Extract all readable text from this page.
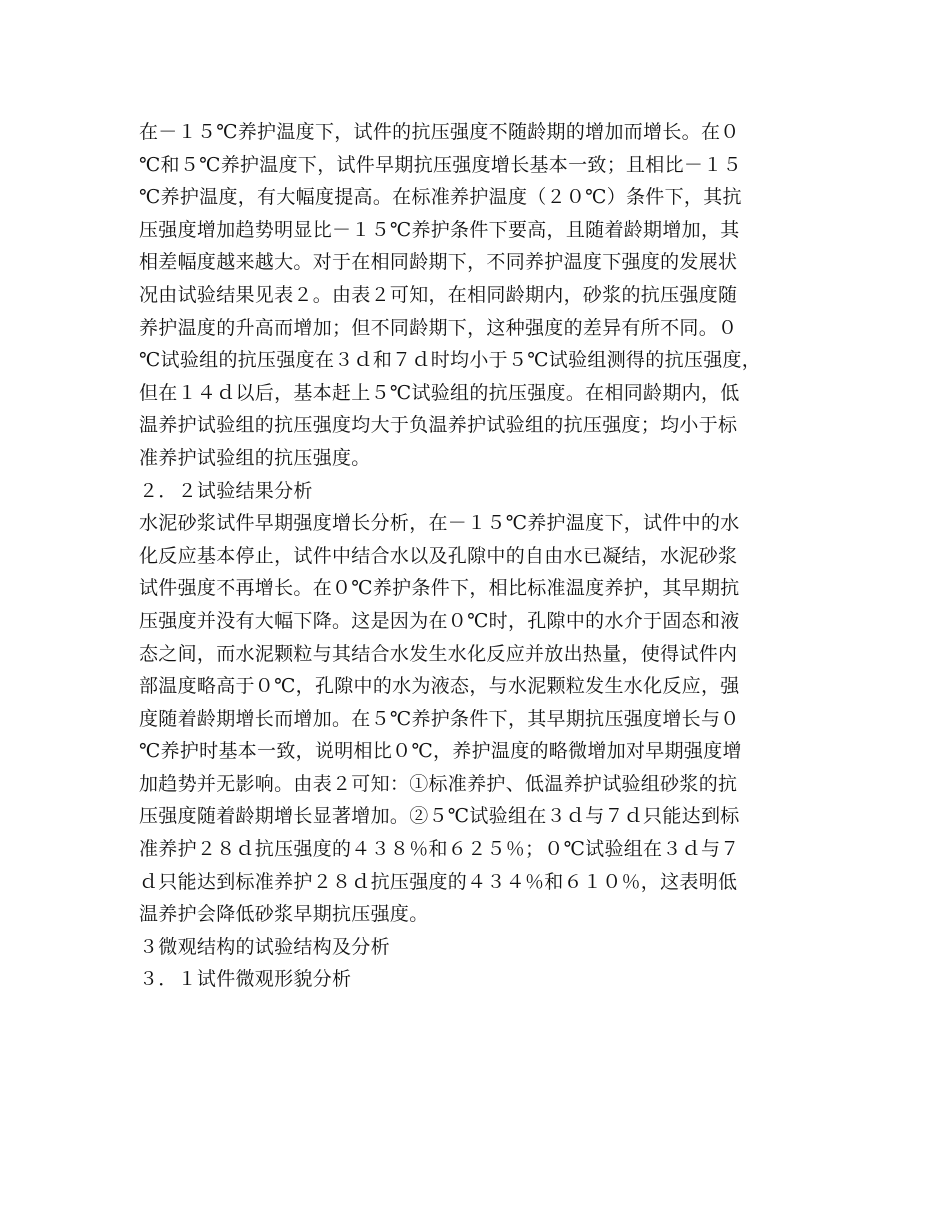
在－１５℃养护温度下，试件的抗压强度不随龄期的增加而增长。在０
℃和５℃养护温度下，试件早期抗压强度增长基本一致；且相比－１５
℃养护温度，有大幅度提高。在标准养护温度（２０℃）条件下，其抗
压强度增加趋势明显比－１５℃养护条件下要高，且随着龄期增加，其
相差幅度越来越大。对于在相同龄期下，不同养护温度下强度的发展状
况由试验结果见表２。由表２可知，在相同龄期内，砂浆的抗压强度随
养护温度的升高而增加；但不同龄期下，这种强度的差异有所不同。０
℃试验组的抗压强度在３ｄ和７ｄ时均小于５℃试验组测得的抗压强度，
但在１４ｄ以后，基本赶上５℃试验组的抗压强度。在相同龄期内，低
温养护试验组的抗压强度均大于负温养护试验组的抗压强度；均小于标
准养护试验组的抗压强度。
２．２试验结果分析
水泥砂浆试件早期强度增长分析，在－１５℃养护温度下，试件中的水
化反应基本停止，试件中结合水以及孔隙中的自由水已凝结，水泥砂浆
试件强度不再增长。在０℃养护条件下，相比标准温度养护，其早期抗
压强度并没有大幅下降。这是因为在０℃时，孔隙中的水介于固态和液
态之间，而水泥颗粒与其结合水发生水化反应并放出热量，使得试件内
部温度略高于０℃，孔隙中的水为液态，与水泥颗粒发生水化反应，强
度随着龄期增长而增加。在５℃养护条件下，其早期抗压强度增长与０
℃养护时基本一致，说明相比０℃，养护温度的略微增加对早期强度增
加趋势并无影响。由表２可知：①标准养护、低温养护试验组砂浆的抗
压强度随着龄期增长显著增加。②５℃试验组在３ｄ与７ｄ只能达到标
准养护２８ｄ抗压强度的４３８％和６２５％；０℃试验组在３ｄ与７
ｄ只能达到标准养护２８ｄ抗压强度的４３４％和６１０％，这表明低
温养护会降低砂浆早期抗压强度。
３微观结构的试验结构及分析
３．１试件微观形貌分析
